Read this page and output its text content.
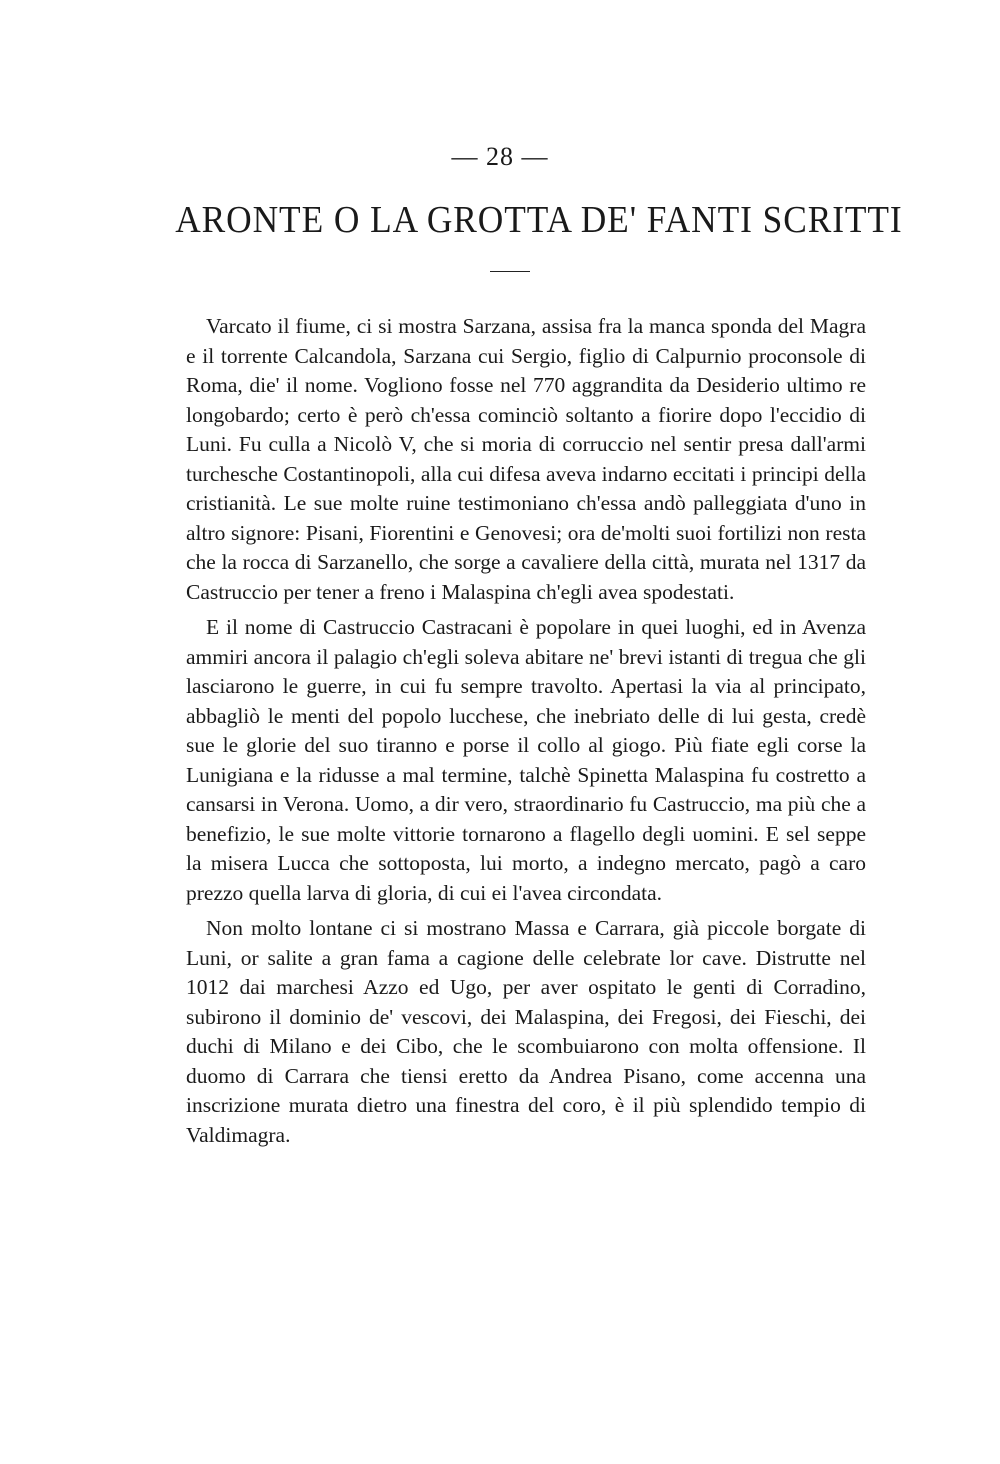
— 28 —
ARONTE O LA GROTTA DE' FANTI SCRITTI

Varcato il fiume, ci si mostra Sarzana, assisa fra la manca sponda del Magra e il torrente Calcandola, Sarzana cui Sergio, figlio di Calpurnio proconsole di Roma, die' il nome. Vogliono fosse nel 770 aggrandita da Desiderio ultimo re longobardo; certo è però ch'essa cominciò soltanto a fiorire dopo l'eccidio di Luni. Fu culla a Nicolò V, che si moria di corruccio nel sentir presa dall'armi turchesche Costantinopoli, alla cui difesa aveva indarno eccitati i principi della cristianità. Le sue molte ruine testimoniano ch'essa andò palleggiata d'uno in altro signore: Pisani, Fiorentini e Genovesi; ora de'molti suoi fortilizi non resta che la rocca di Sarzanello, che sorge a cavaliere della città, murata nel 1317 da Castruccio per tener a freno i Malaspina ch'egli avea spodestati.

E il nome di Castruccio Castracani è popolare in quei luoghi, ed in Avenza ammiri ancora il palagio ch'egli soleva abitare ne' brevi istanti di tregua che gli lasciarono le guerre, in cui fu sempre travolto. Apertasi la via al principato, abbagliò le menti del popolo lucchese, che inebriato delle di lui gesta, credè sue le glorie del suo tiranno e porse il collo al giogo. Più fiate egli corse la Lunigiana e la ridusse a mal termine, talchè Spinetta Malaspina fu costretto a cansarsi in Verona. Uomo, a dir vero, straordinario fu Castruccio, ma più che a benefizio, le sue molte vittorie tornarono a flagello degli uomini. E sel seppe la misera Lucca che sottoposta, lui morto, a indegno mercato, pagò a caro prezzo quella larva di gloria, di cui ei l'avea circondata.

Non molto lontane ci si mostrano Massa e Carrara, già piccole borgate di Luni, or salite a gran fama a cagione delle celebrate lor cave. Distrutte nel 1012 dai marchesi Azzo ed Ugo, per aver ospitato le genti di Corradino, subirono il dominio de' vescovi, dei Malaspina, dei Fregosi, dei Fieschi, dei duchi di Milano e dei Cibo, che le scombuiarono con molta offensione. Il duomo di Carrara che tiensi eretto da Andrea Pisano, come accenna una inscrizione murata dietro una finestra del coro, è il più splendido tempio di Valdimagra.
